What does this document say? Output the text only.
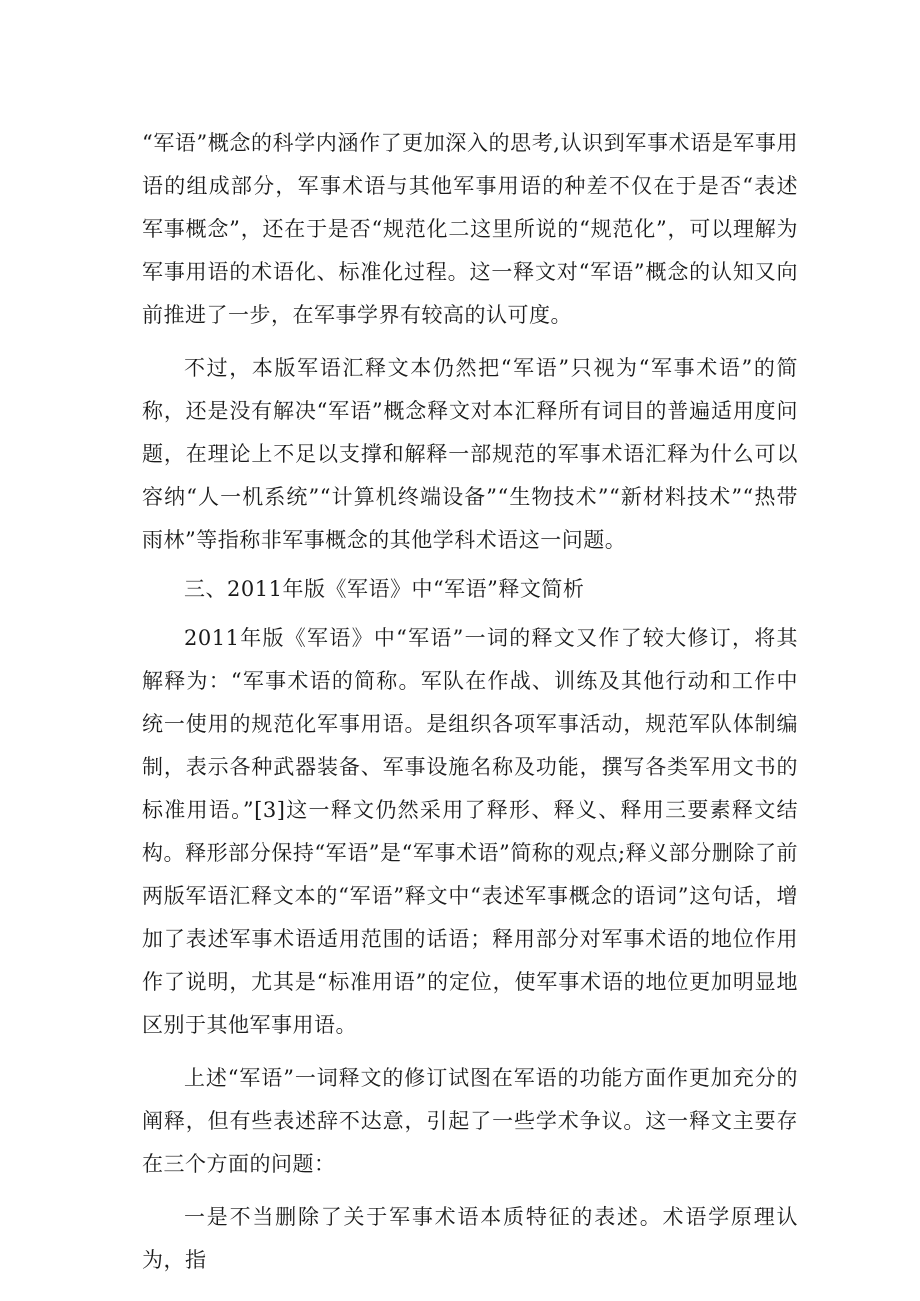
“军语”概念的科学内涵作了更加深入的思考,认识到军事术语是军事用语的组成部分，军事术语与其他军事用语的种差不仅在于是否“表述军事概念”，还在于是否“规范化二这里所说的“规范化”，可以理解为军事用语的术语化、标准化过程。这一释文对“军语”概念的认知又向前推进了一步，在军事学界有较高的认可度。

不过，本版军语汇释文本仍然把“军语”只视为“军事术语”的简称，还是没有解决“军语”概念释文对本汇释所有词目的普遍适用度问题，在理论上不足以支撑和解释一部规范的军事术语汇释为什么可以容纳“人一机系统”“计算机终端设备”“生物技术”“新材料技术”“热带雨林”等指称非军事概念的其他学科术语这一问题。

三、2011年版《军语》中“军语”释文简析

2011年版《军语》中“军语”一词的释文又作了较大修订，将其解释为：“军事术语的简称。军队在作战、训练及其他行动和工作中统一使用的规范化军事用语。是组织各项军事活动，规范军队体制编制，表示各种武器装备、军事设施名称及功能，撰写各类军用文书的标准用语。”[3]这一释文仍然采用了释形、释义、释用三要素释文结构。释形部分保持“军语”是“军事术语”简称的观点;释义部分删除了前两版军语汇释文本的“军语”释文中“表述军事概念的语词”这句话，增加了表述军事术语适用范围的话语；释用部分对军事术语的地位作用作了说明，尤其是“标准用语”的定位，使军事术语的地位更加明显地区别于其他军事用语。

上述“军语”一词释文的修订试图在军语的功能方面作更加充分的阐释，但有些表述辞不达意，引起了一些学术争议。这一释文主要存在三个方面的问题：

一是不当删除了关于军事术语本质特征的表述。术语学原理认为，指
